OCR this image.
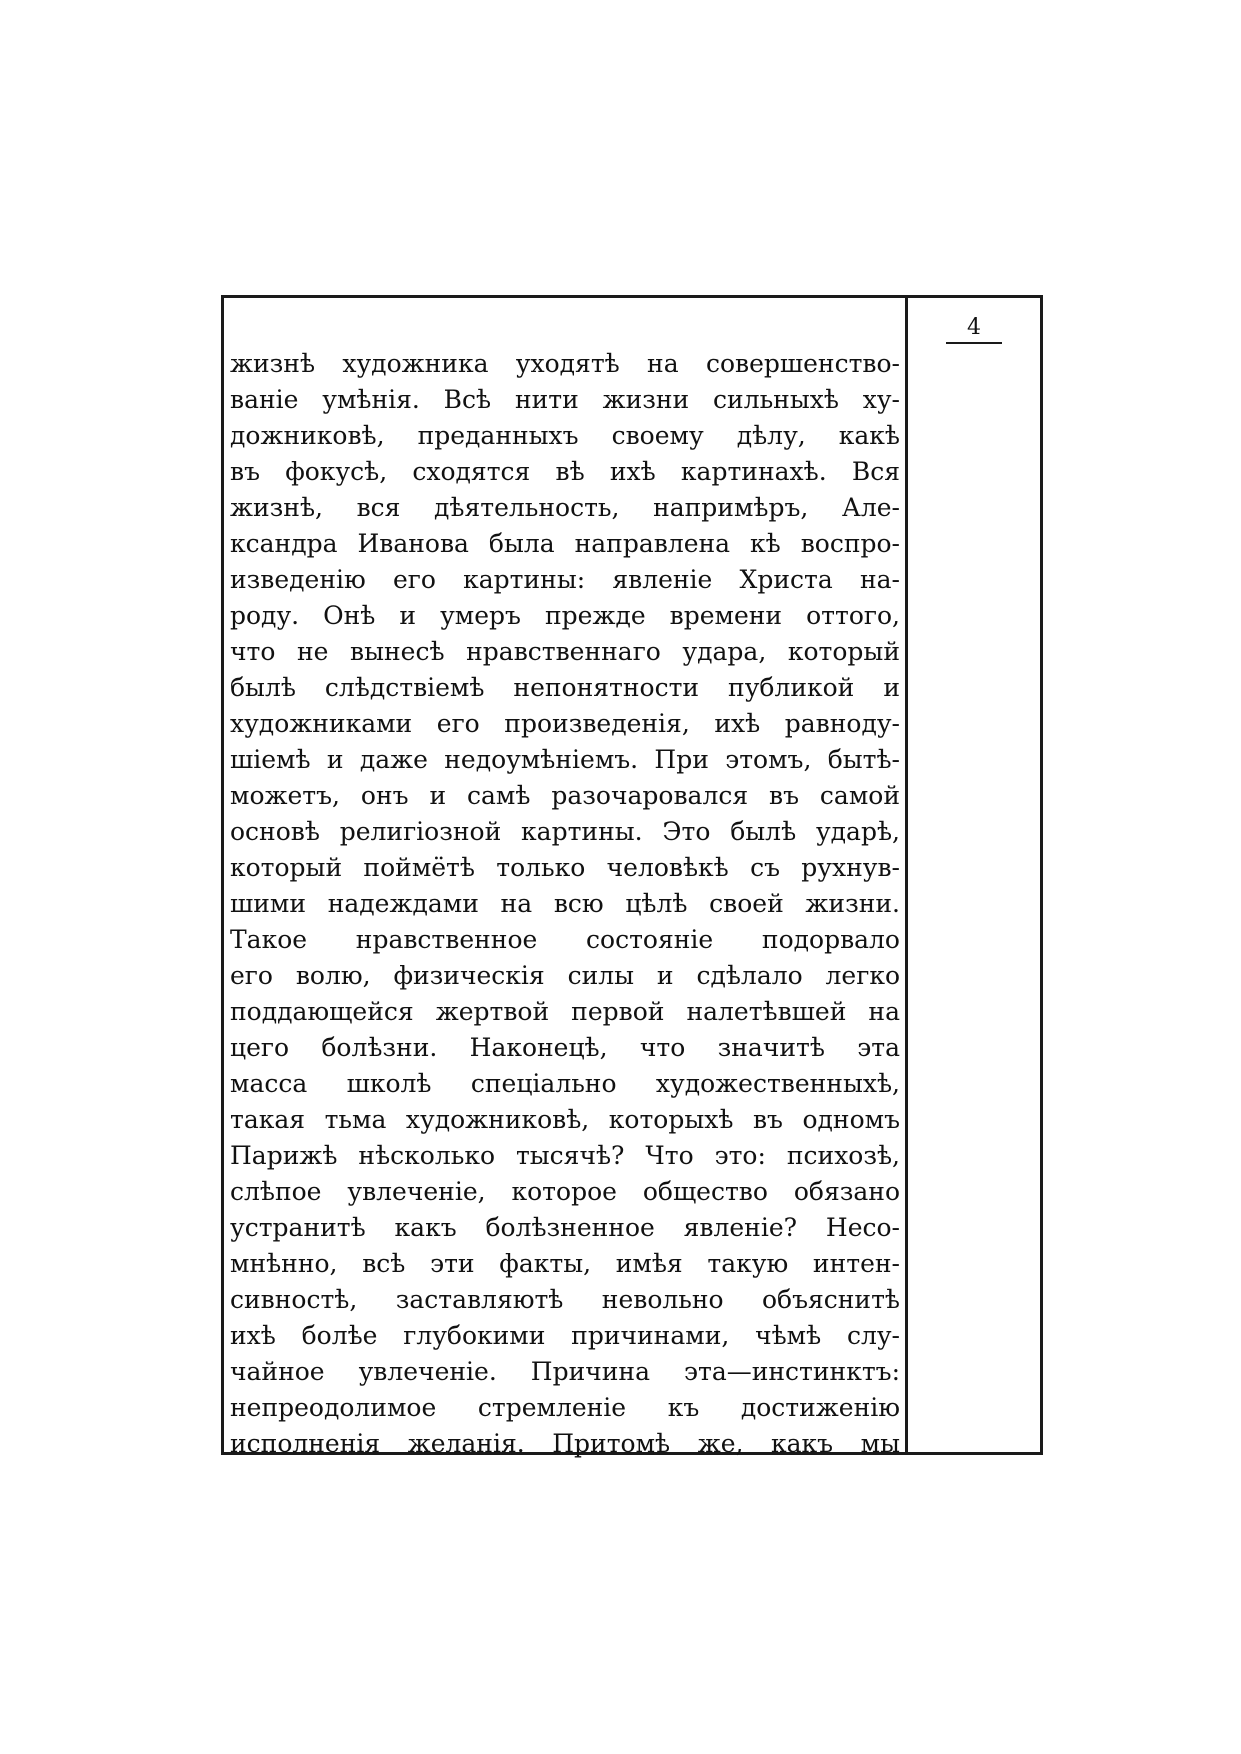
4
жизнѣ художника уходятѣ на совершенство-
ваніе умѣнія. Всѣ нити жизни сильныхѣ ху-
дожниковѣ, преданныхъ своему дѣлу, какѣ
въ фокусѣ, сходятся вѣ ихѣ картинахѣ. Вся
жизнѣ, вся дѣятельность, напримѣръ, Але-
ксандра Иванова была направлена кѣ воспро-
изведенію его картины: явленіе Христа на-
роду. Онѣ и умеръ прежде времени оттого,
что не вынесѣ нравственнаго удара, который
былѣ слѣдствіемѣ непонятности публикой и
художниками его произведенія, ихѣ равноду-
шіемѣ и даже недоумѣніемъ. При этомъ, бытѣ-
можетъ, онъ и самѣ разочаровался въ самой
основѣ религіозной картины. Это былѣ ударѣ,
который поймётѣ только человѣкѣ съ рухнув-
шими надеждами на всю цѣлѣ своей жизни.
Такое нравственное состояніе подорвало
его волю, физическія силы и сдѣлало легко
поддающейся жертвой первой налетѣвшей на
цего болѣзни. Наконецѣ, что значитѣ эта
масса школѣ спеціально художественныхѣ,
такая тьма художниковѣ, которыхѣ въ одномъ
Парижѣ нѣсколько тысячѣ? Что это: психозѣ,
слѣпое увлеченіе, которое общество обязано
устранитѣ какъ болѣзненное явленіе? Несо-
мнѣнно, всѣ эти факты, имѣя такую интен-
сивностѣ, заставляютѣ невольно объяснитѣ
ихѣ болѣе глубокими причинами, чѣмѣ слу-
чайное увлеченіе. Причина эта—инстинктъ:
непреодолимое стремленіе къ достиженію
исполненія желанія. Притомѣ же, какъ мы
